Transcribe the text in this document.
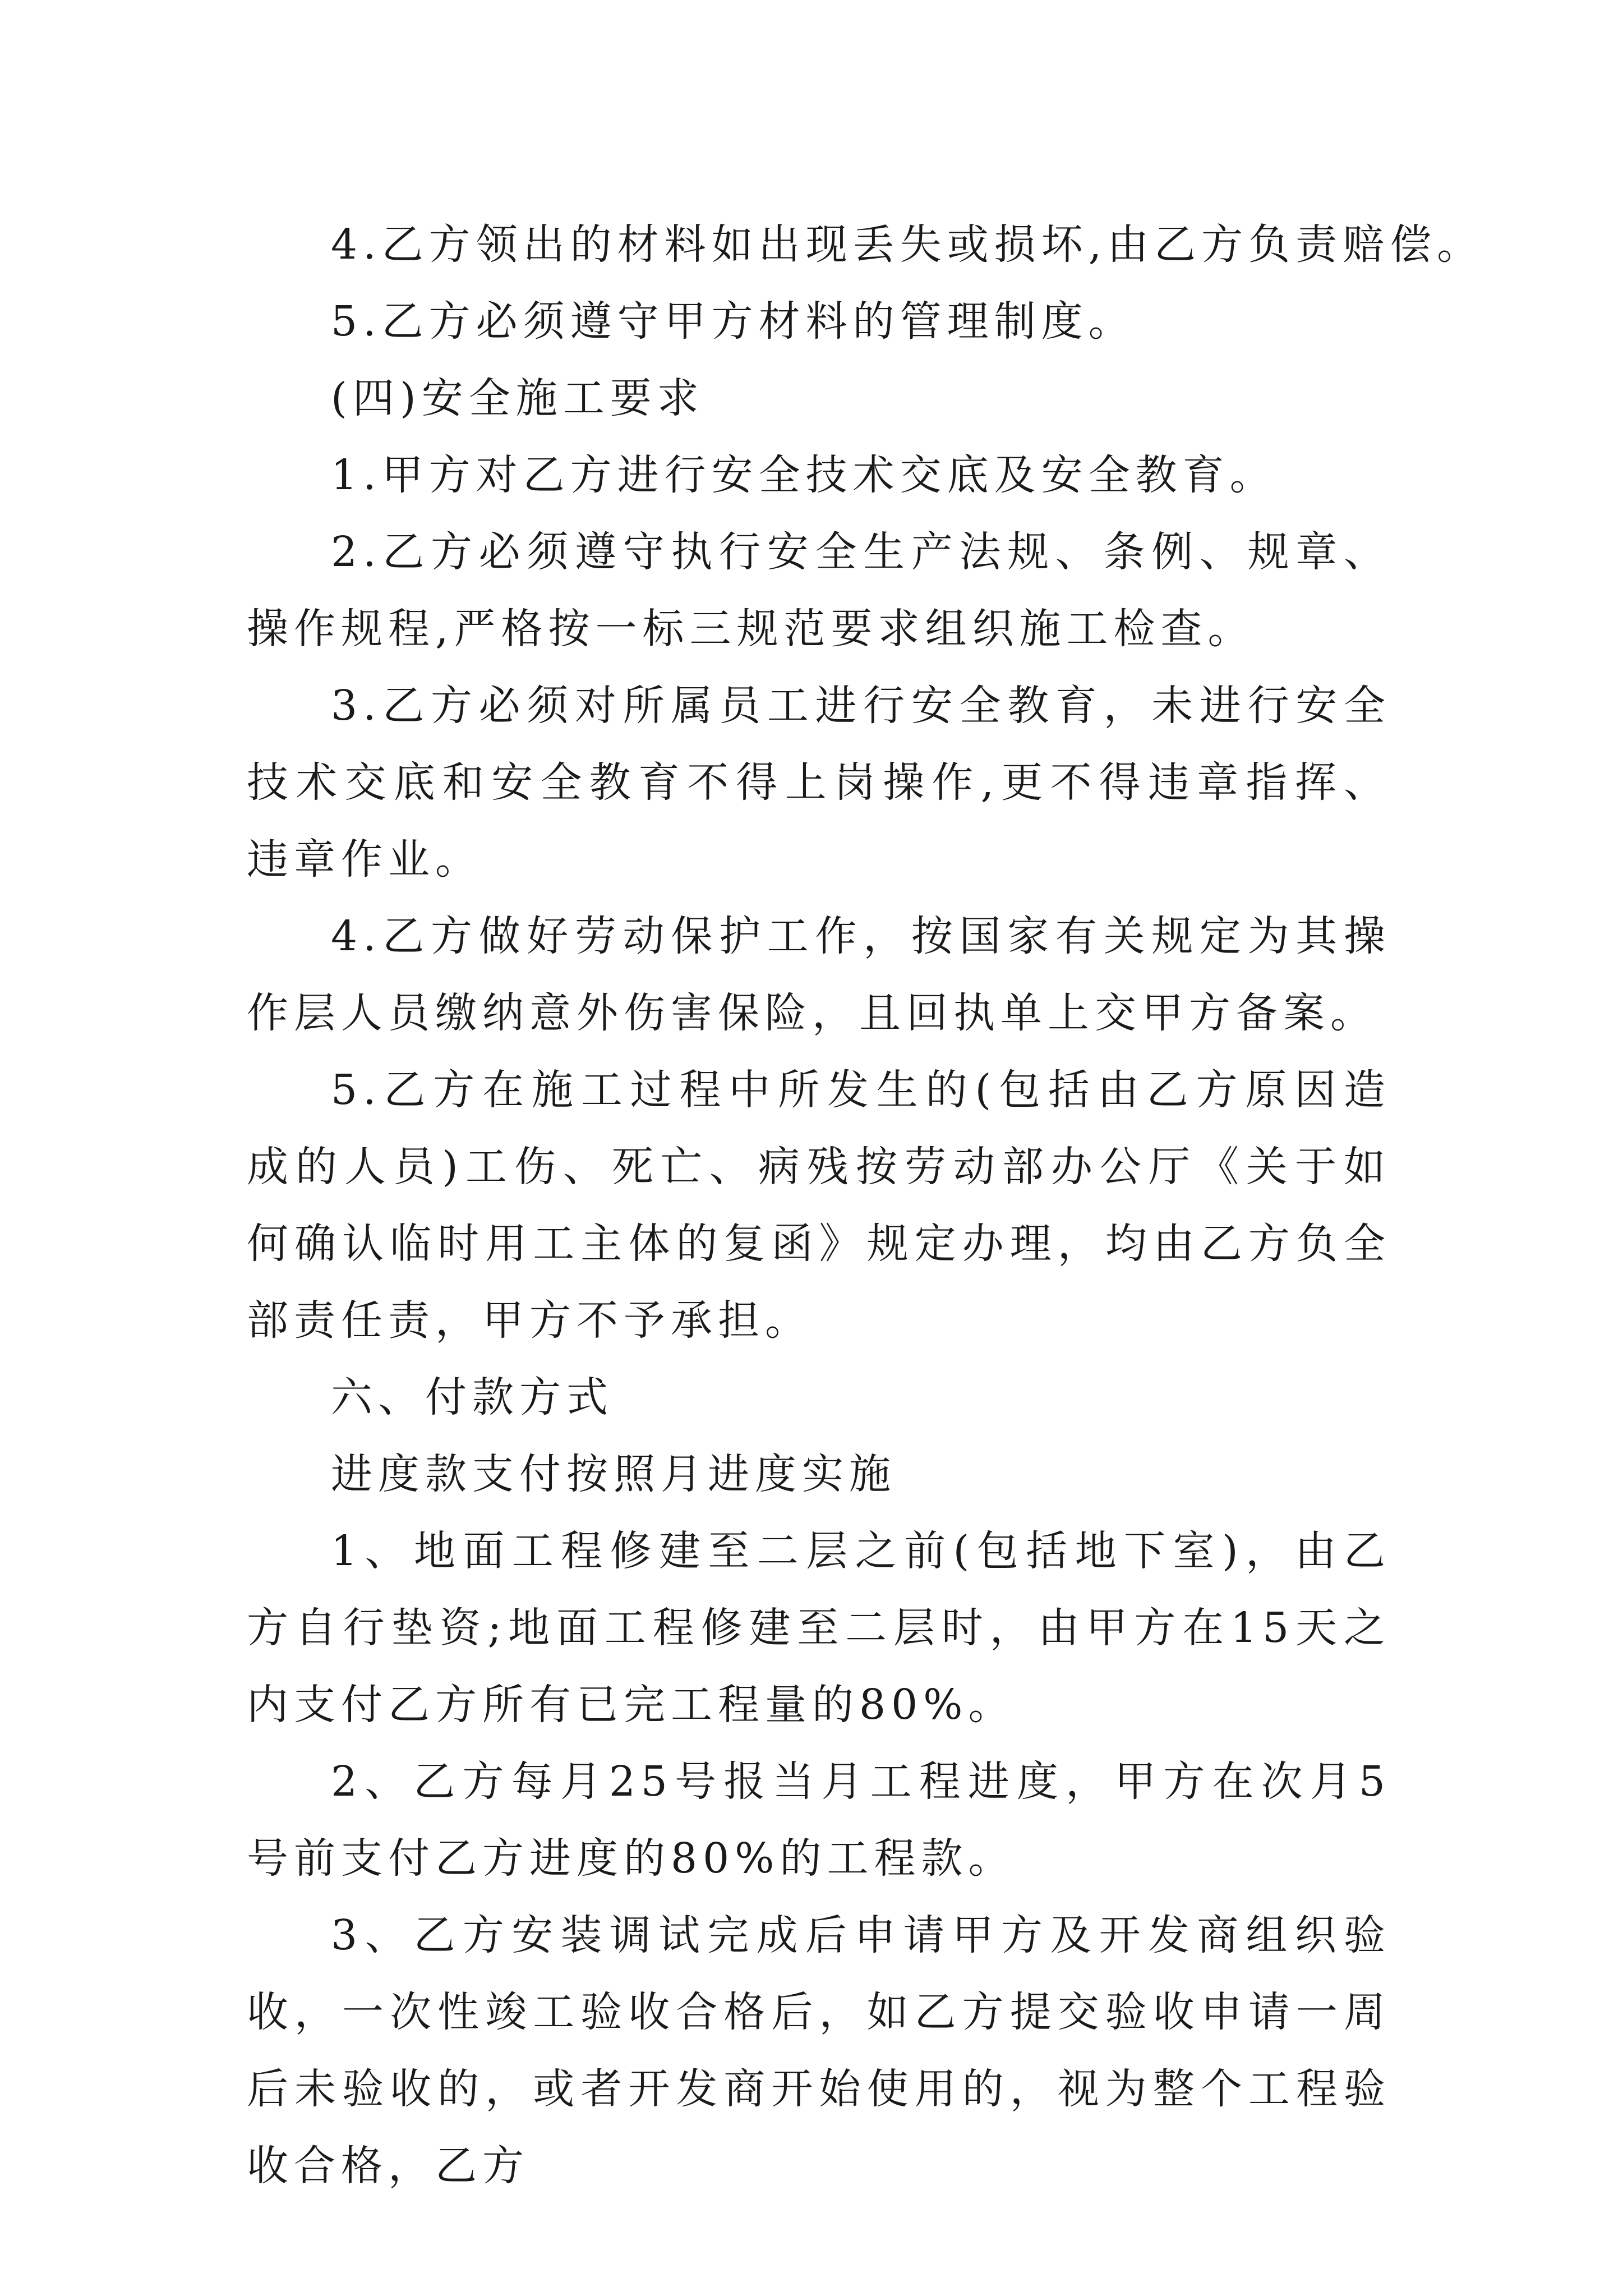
4.乙方领出的材料如出现丢失或损坏,由乙方负责赔偿。

5.乙方必须遵守甲方材料的管理制度。

(四)安全施工要求

1.甲方对乙方进行安全技术交底及安全教育。

2.乙方必须遵守执行安全生产法规、条例、规章、操作规程,严格按一标三规范要求组织施工检查。

3.乙方必须对所属员工进行安全教育，未进行安全技术交底和安全教育不得上岗操作,更不得违章指挥、违章作业。

4.乙方做好劳动保护工作，按国家有关规定为其操作层人员缴纳意外伤害保险，且回执单上交甲方备案。

5.乙方在施工过程中所发生的(包括由乙方原因造成的人员)工伤、死亡、病残按劳动部办公厅《关于如何确认临时用工主体的复函》规定办理，均由乙方负全部责任责，甲方不予承担。

六、付款方式

进度款支付按照月进度实施

1、地面工程修建至二层之前(包括地下室)，由乙方自行垫资;地面工程修建至二层时，由甲方在15天之内支付乙方所有已完工程量的80%。

2、乙方每月25号报当月工程进度，甲方在次月5号前支付乙方进度的80%的工程款。

3、乙方安装调试完成后申请甲方及开发商组织验收，一次性竣工验收合格后，如乙方提交验收申请一周后未验收的，或者开发商开始使用的，视为整个工程验收合格，乙方
